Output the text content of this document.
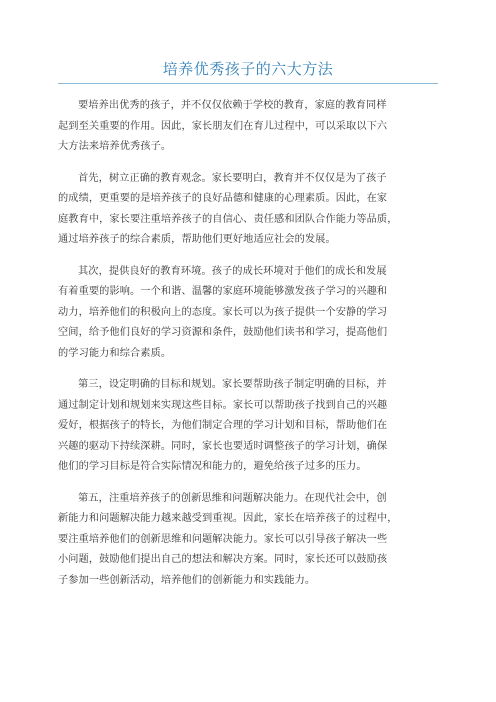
培养优秀孩子的六大方法

要培养出优秀的孩子，并不仅仅依赖于学校的教育，家庭的教育同样
起到至关重要的作用。因此，家长朋友们在育儿过程中，可以采取以下六
大方法来培养优秀孩子。

首先，树立正确的教育观念。家长要明白，教育并不仅仅是为了孩子
的成绩，更重要的是培养孩子的良好品德和健康的心理素质。因此，在家
庭教育中，家长要注重培养孩子的自信心、责任感和团队合作能力等品质，
通过培养孩子的综合素质，帮助他们更好地适应社会的发展。

其次，提供良好的教育环境。孩子的成长环境对于他们的成长和发展
有着重要的影响。一个和谐、温馨的家庭环境能够激发孩子学习的兴趣和
动力，培养他们的积极向上的态度。家长可以为孩子提供一个安静的学习
空间，给予他们良好的学习资源和条件，鼓励他们读书和学习，提高他们
的学习能力和综合素质。

第三，设定明确的目标和规划。家长要帮助孩子制定明确的目标，并
通过制定计划和规划来实现这些目标。家长可以帮助孩子找到自己的兴趣
爱好，根据孩子的特长，为他们制定合理的学习计划和目标，帮助他们在
兴趣的驱动下持续深耕。同时，家长也要适时调整孩子的学习计划，确保
他们的学习目标是符合实际情况和能力的，避免给孩子过多的压力。

第五，注重培养孩子的创新思维和问题解决能力。在现代社会中，创
新能力和问题解决能力越来越受到重视。因此，家长在培养孩子的过程中，
要注重培养他们的创新思维和问题解决能力。家长可以引导孩子解决一些
小问题，鼓励他们提出自己的想法和解决方案。同时，家长还可以鼓励孩
子参加一些创新活动，培养他们的创新能力和实践能力。
